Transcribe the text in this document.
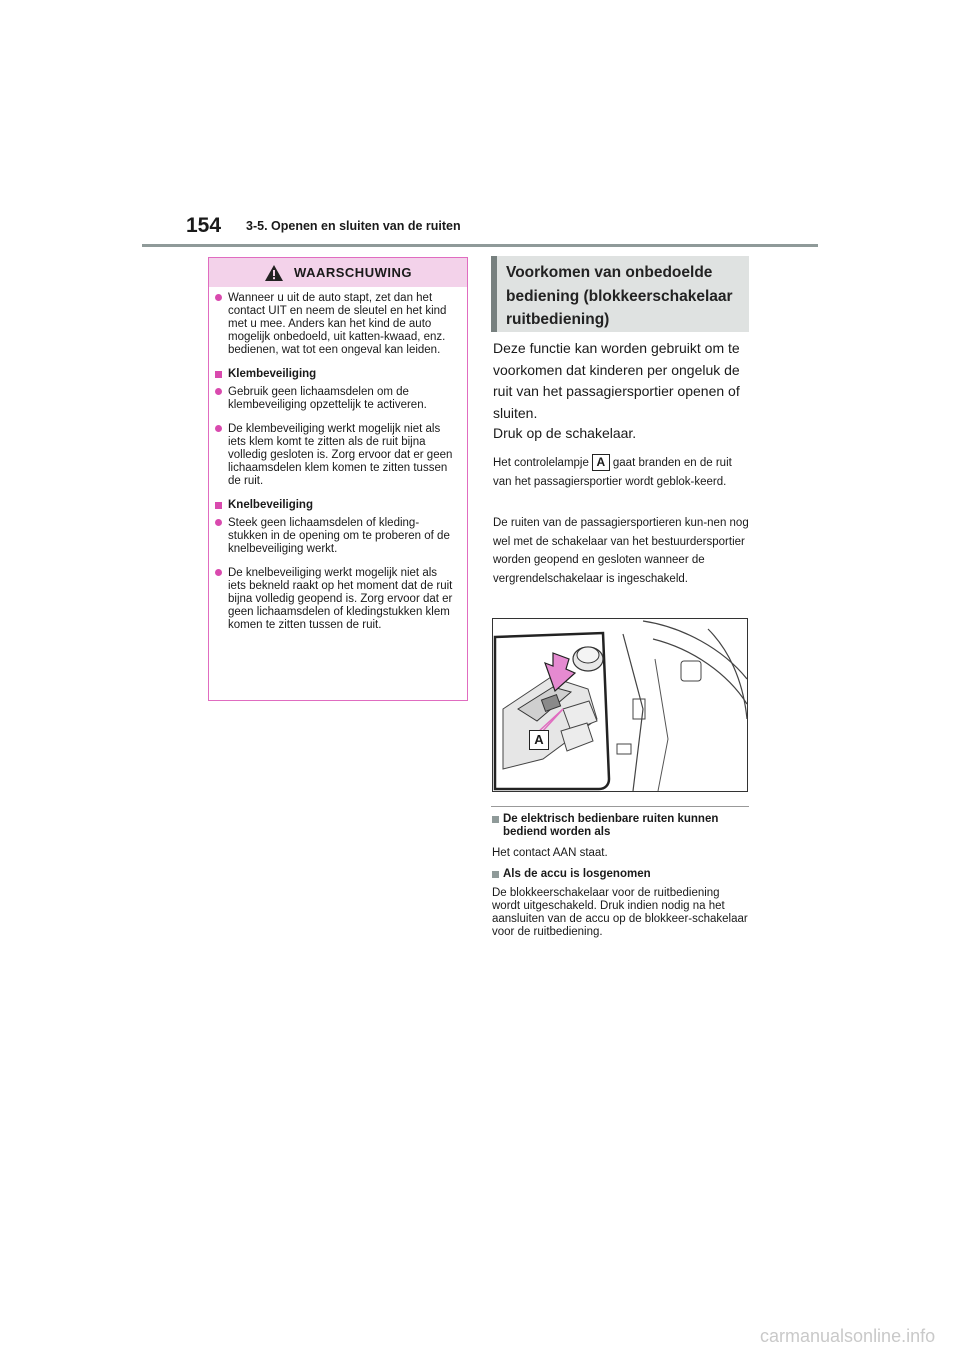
154 3-5. Openen en sluiten van de ruiten
WAARSCHUWING
Wanneer u uit de auto stapt, zet dan het contact UIT en neem de sleutel en het kind met u mee. Anders kan het kind de auto mogelijk onbedoeld, uit katten-kwaad, enz. bedienen, wat tot een ongeval kan leiden.
Klembeveiliging
Gebruik geen lichaamsdelen om de klembeveiliging opzettelijk te activeren.
De klembeveiliging werkt mogelijk niet als iets klem komt te zitten als de ruit bijna volledig gesloten is. Zorg ervoor dat er geen lichaamsdelen klem komen te zitten tussen de ruit.
Knelbeveiliging
Steek geen lichaamsdelen of kleding-stukken in de opening om te proberen of de knelbeveiliging werkt.
De knelbeveiliging werkt mogelijk niet als iets bekneld raakt op het moment dat de ruit bijna volledig geopend is. Zorg ervoor dat er geen lichaamsdelen of kledingstukken klem komen te zitten tussen de ruit.
Voorkomen van onbedoelde bediening (blokkeerschakelaar ruitbediening)
Deze functie kan worden gebruikt om te voorkomen dat kinderen per ongeluk de ruit van het passagiersportier openen of sluiten.
Druk op de schakelaar.
Het controlelampje A gaat branden en de ruit van het passagiersportier wordt geblok-keerd.
De ruiten van de passagiersportieren kun-nen nog wel met de schakelaar van het bestuurdersportier worden geopend en gesloten wanneer de vergrendelschakelaar is ingeschakeld.
A
De elektrisch bedienbare ruiten kunnen bediend worden als
Het contact AAN staat.
Als de accu is losgenomen
De blokkeerschakelaar voor de ruitbediening wordt uitgeschakeld. Druk indien nodig na het aansluiten van de accu op de blokkeer-schakelaar voor de ruitbediening.
carmanualsonline.info
